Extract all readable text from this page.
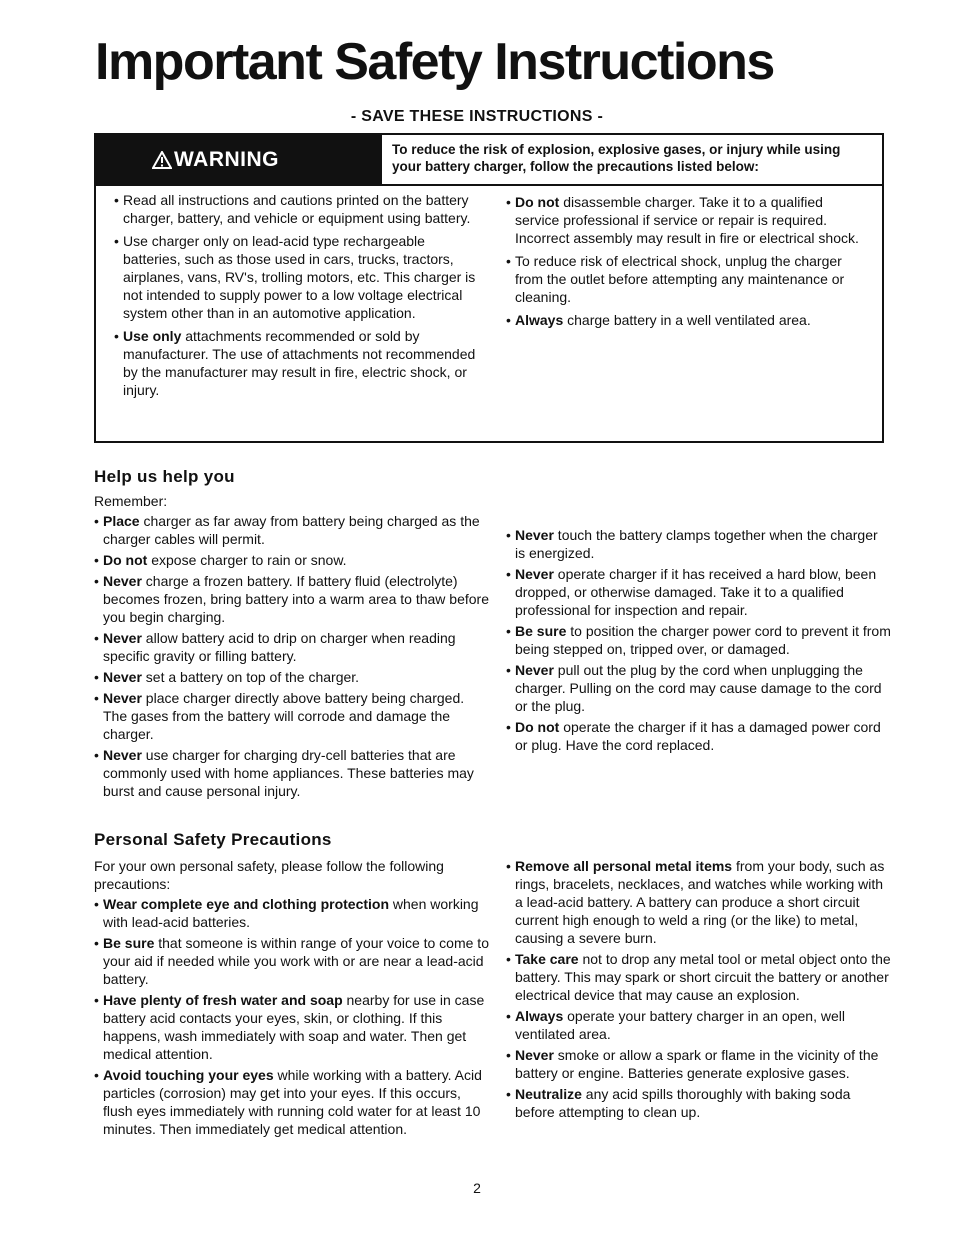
Important Safety Instructions
- SAVE THESE INSTRUCTIONS -
WARNING	To reduce the risk of explosion, explosive gases, or injury while using your battery charger, follow the precautions listed below:
• Read all instructions and cautions printed on the battery charger, battery, and vehicle or equipment using battery.
• Use charger only on lead-acid type rechargeable batteries, such as those used in cars, trucks, tractors, airplanes, vans, RV's, trolling motors, etc. This charger is not intended to supply power to a low voltage electrical system other than in an automotive application.
• Use only attachments recommended or sold by manufacturer. The use of attachments not recommended by the manufacturer may result in fire, electric shock, or injury.
• Do not disassemble charger. Take it to a qualified service professional if service or repair is required. Incorrect assembly may result in fire or electrical shock.
• To reduce risk of electrical shock, unplug the charger from the outlet before attempting any maintenance or cleaning.
• Always charge battery in a well ventilated area.
Help us help you
Remember:
• Place charger as far away from battery being charged as the charger cables will permit.
• Do not expose charger to rain or snow.
• Never charge a frozen battery. If battery fluid (electrolyte) becomes frozen, bring battery into a warm area to thaw before you begin charging.
• Never allow battery acid to drip on charger when reading specific gravity or filling battery.
• Never set a battery on top of the charger.
• Never place charger directly above battery being charged. The gases from the battery will corrode and damage the charger.
• Never use charger for charging dry-cell batteries that are commonly used with home appliances. These batteries may burst and cause personal injury.
• Never touch the battery clamps together when the charger is energized.
• Never operate charger if it has received a hard blow, been dropped, or otherwise damaged. Take it to a qualified professional for inspection and repair.
• Be sure to position the charger power cord to prevent it from being stepped on, tripped over, or damaged.
• Never pull out the plug by the cord when unplugging the charger. Pulling on the cord may cause damage to the cord or the plug.
• Do not operate the charger if it has a damaged power cord or plug. Have the cord replaced.
Personal Safety Precautions
For your own personal safety, please follow the following precautions:
• Wear complete eye and clothing protection when working with lead-acid batteries.
• Be sure that someone is within range of your voice to come to your aid if needed while you work with or are near a lead-acid battery.
• Have plenty of fresh water and soap nearby for use in case battery acid contacts your eyes, skin, or clothing. If this happens, wash immediately with soap and water. Then get medical attention.
• Avoid touching your eyes while working with a battery. Acid particles (corrosion) may get into your eyes. If this occurs, flush eyes immediately with running cold water for at least 10 minutes. Then immediately get medical attention.
• Remove all personal metal items from your body, such as rings, bracelets, necklaces, and watches while working with a lead-acid battery. A battery can produce a short circuit current high enough to weld a ring (or the like) to metal, causing a severe burn.
• Take care not to drop any metal tool or metal object onto the battery. This may spark or short circuit the battery or another electrical device that may cause an explosion.
• Always operate your battery charger in an open, well ventilated area.
• Never smoke or allow a spark or flame in the vicinity of the battery or engine. Batteries generate explosive gases.
• Neutralize any acid spills thoroughly with baking soda before attempting to clean up.
2
